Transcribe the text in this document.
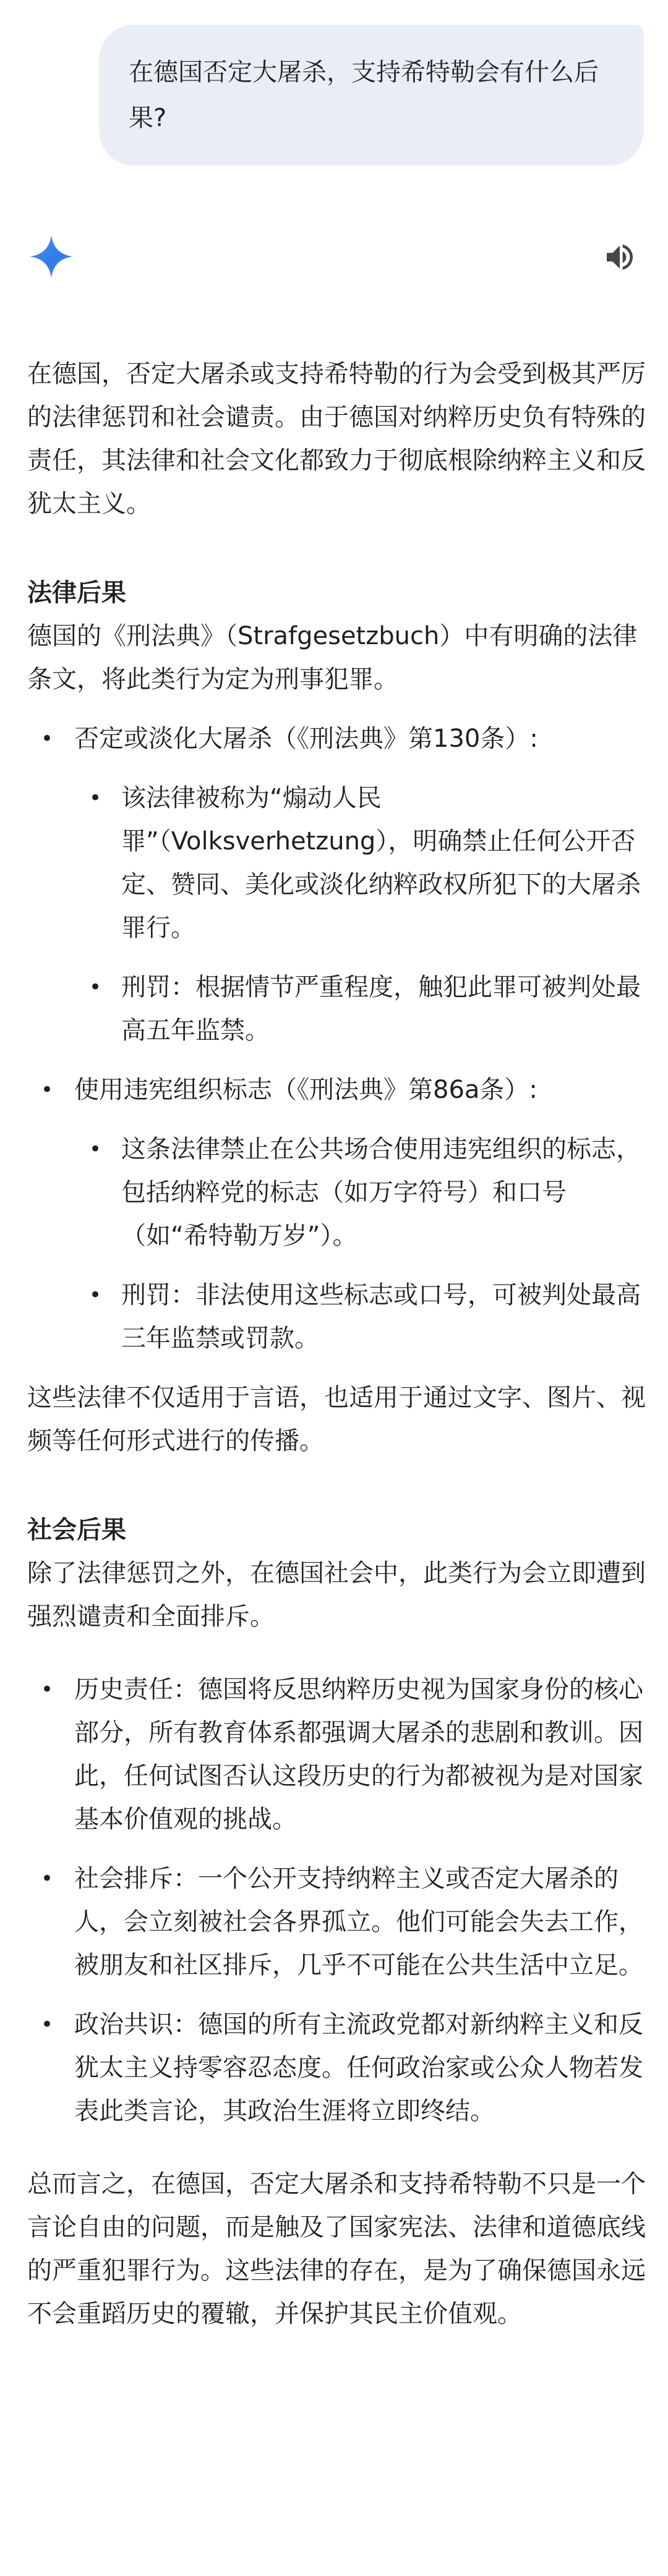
在德国否定大屠杀，支持希特勒会有什么后果?

在德国，否定大屠杀或支持希特勒的行为会受到极其严厉的法律惩罚和社会谴责。由于德国对纳粹历史负有特殊的责任，其法律和社会文化都致力于彻底根除纳粹主义和反犹太主义。

法律后果

德国的《刑法典》（Strafgesetzbuch）中有明确的法律条文，将此类行为定为刑事犯罪。

• 否定或淡化大屠杀（《刑法典》第130条）:
• 该法律被称为“煽动人民罪”（Volksverhetzung），明确禁止任何公开否定、赞同、美化或淡化纳粹政权所犯下的大屠杀罪行。
• 刑罚：根据情节严重程度，触犯此罪可被判处最高五年监禁。
• 使用违宪组织标志（《刑法典》第86a条）:
• 这条法律禁止在公共场合使用违宪组织的标志，包括纳粹党的标志（如万字符号）和口号（如“希特勒万岁”）。
• 刑罚：非法使用这些标志或口号，可被判处最高三年监禁或罚款。

这些法律不仅适用于言语，也适用于通过文字、图片、视频等任何形式进行的传播。

社会后果

除了法律惩罚之外，在德国社会中，此类行为会立即遭到强烈谴责和全面排斥。

• 历史责任：德国将反思纳粹历史视为国家身份的核心部分，所有教育体系都强调大屠杀的悲剧和教训。因此，任何试图否认这段历史的行为都被视为是对国家基本价值观的挑战。
• 社会排斥：一个公开支持纳粹主义或否定大屠杀的人，会立刻被社会各界孤立。他们可能会失去工作，被朋友和社区排斥，几乎不可能在公共生活中立足。
• 政治共识：德国的所有主流政党都对新纳粹主义和反犹太主义持零容忍态度。任何政治家或公众人物若发表此类言论，其政治生涯将立即终结。

总而言之，在德国，否定大屠杀和支持希特勒不只是一个言论自由的问题，而是触及了国家宪法、法律和道德底线的严重犯罪行为。这些法律的存在，是为了确保德国永远不会重蹈历史的覆辙，并保护其民主价值观。
